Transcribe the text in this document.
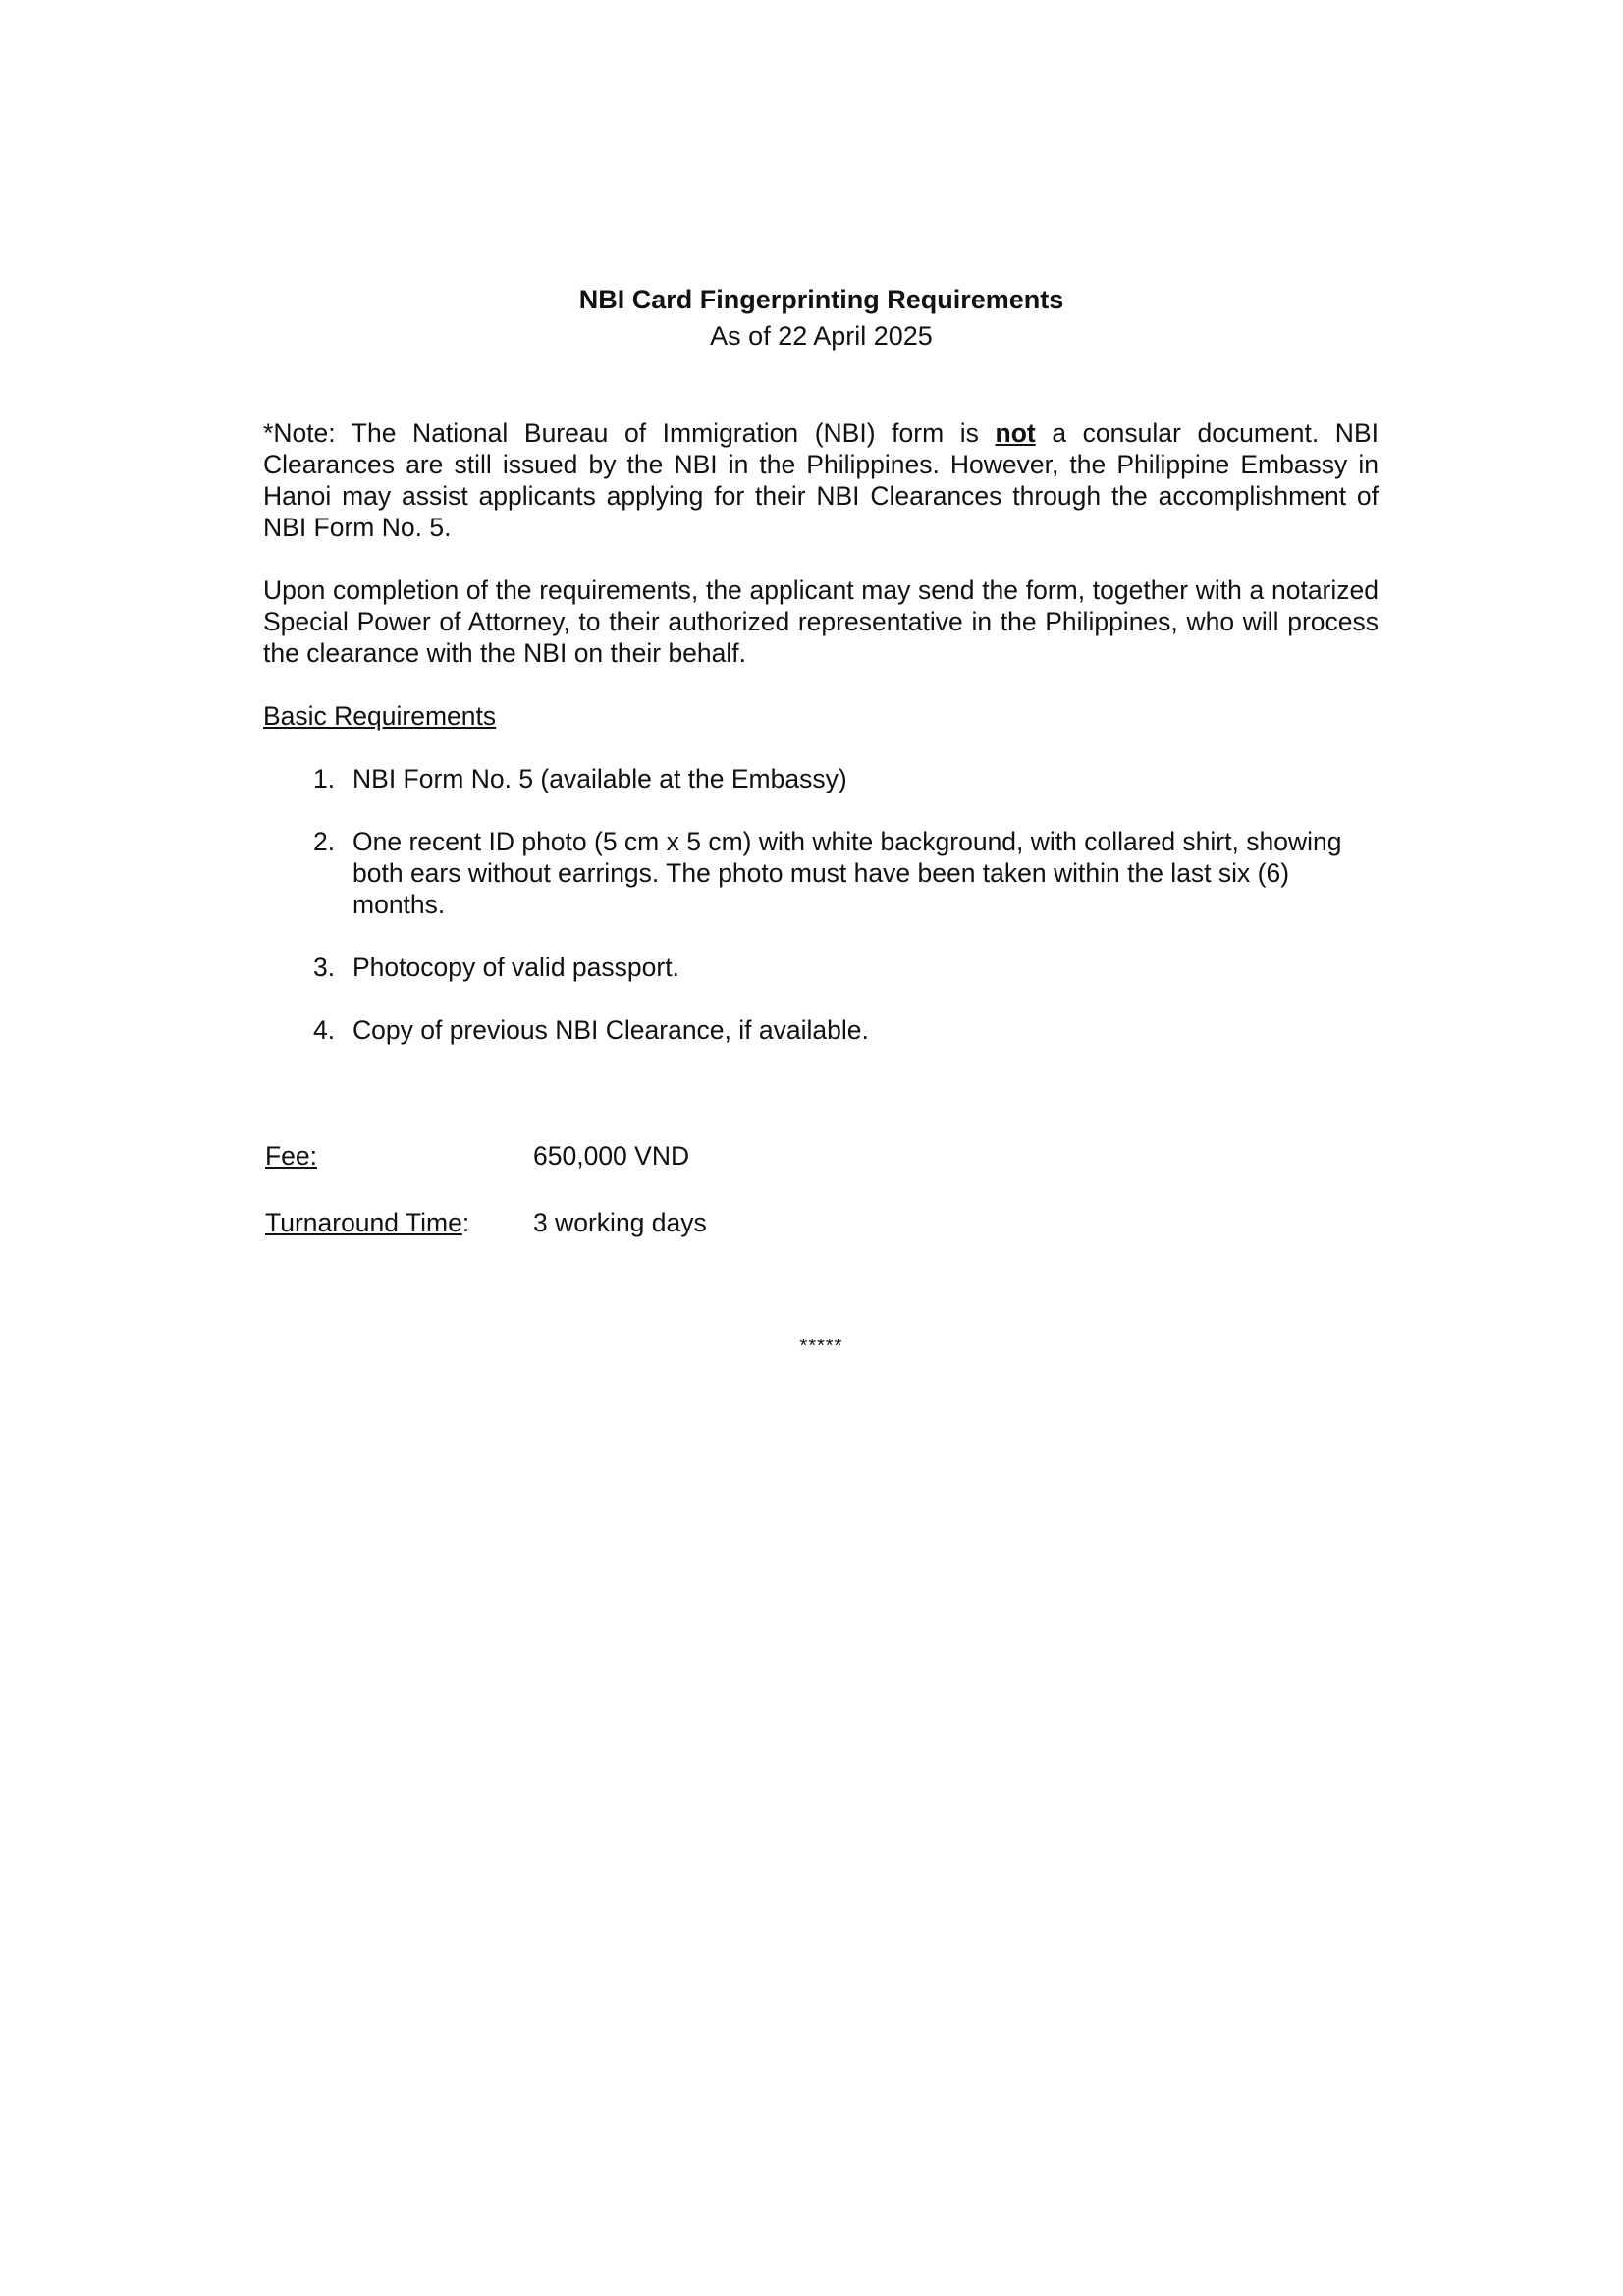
NBI Card Fingerprinting Requirements

As of 22 April 2025

*Note: The National Bureau of Immigration (NBI) form is not a consular document. NBI Clearances are still issued by the NBI in the Philippines. However, the Philippine Embassy in Hanoi may assist applicants applying for their NBI Clearances through the accomplishment of NBI Form No. 5.

Upon completion of the requirements, the applicant may send the form, together with a notarized Special Power of Attorney, to their authorized representative in the Philippines, who will process the clearance with the NBI on their behalf.

Basic Requirements

1. NBI Form No. 5 (available at the Embassy)
2. One recent ID photo (5 cm x 5 cm) with white background, with collared shirt, showing both ears without earrings. The photo must have been taken within the last six (6) months.
3. Photocopy of valid passport.
4. Copy of previous NBI Clearance, if available.
Fee:	650,000 VND
Turnaround Time:	3 working days
*****
